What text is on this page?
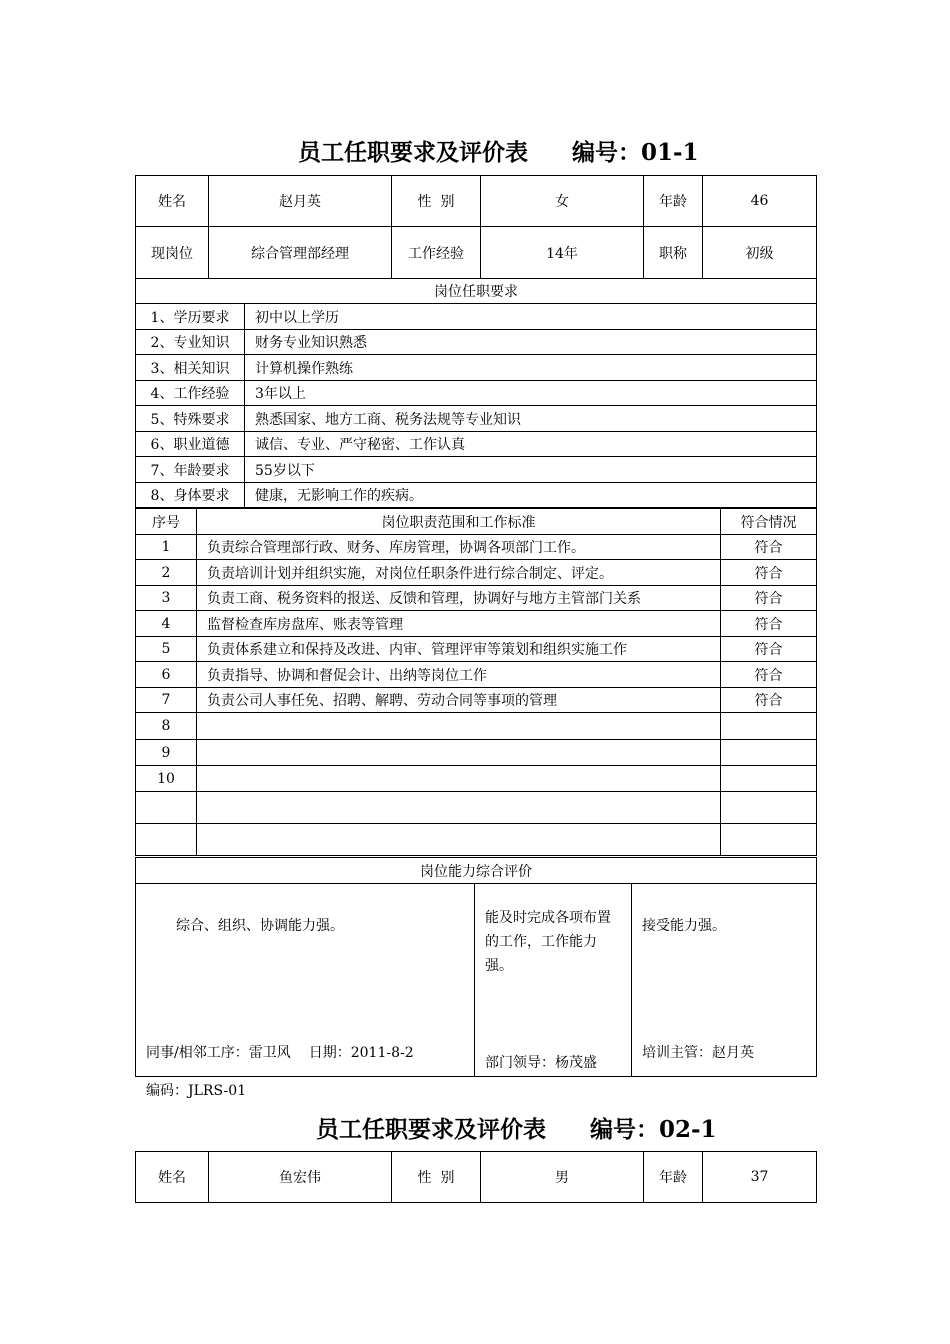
员工任职要求及评价表 编号：01-1
姓名	赵月英	性  别	女	年龄	46
现岗位	综合管理部经理	工作经验	14年	职称	初级
岗位任职要求	
1、学历要求	初中以上学历
2、专业知识	财务专业知识熟悉
3、相关知识	计算机操作熟练
4、工作经验	3年以上
5、特殊要求	熟悉国家、地方工商、税务法规等专业知识
6、职业道德	诚信、专业、严守秘密、工作认真
7、年龄要求	55岁以下
8、身体要求	健康，无影响工作的疾病。
序号	岗位职责范围和工作标准	符合情况
1	负责综合管理部行政、财务、库房管理，协调各项部门工作。	符合
2	负责培训计划并组织实施，对岗位任职条件进行综合制定、评定。	符合
3	负责工商、税务资料的报送、反馈和管理，协调好与地方主管部门关系	符合
4	监督检查库房盘库、账表等管理	符合
5	负责体系建立和保持及改进、内审、管理评审等策划和组织实施工作	符合
6	负责指导、协调和督促会计、出纳等岗位工作	符合
7	负责公司人事任免、招聘、解聘、劳动合同等事项的管理	符合
8		
9		
10		

岗位能力综合评价

综合、组织、协调能力强。
同事/相邻工序：雷卫风 日期：2011-8-2

能及时完成各项布置的工作，工作能力强。
部门领导：杨茂盛

接受能力强。
培训主管：赵月英
编码：JLRS-01
员工任职要求及评价表 编号：02-1
姓名	鱼宏伟	性  别	男	年龄	37
